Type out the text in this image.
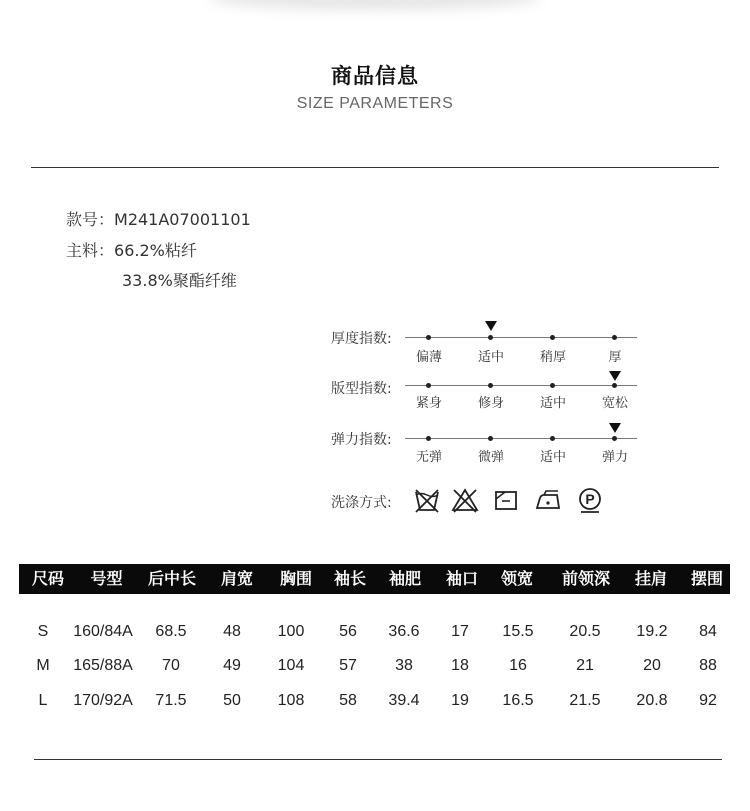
商品信息
SIZE PARAMETERS
款号：M241A07001101
主料：66.2%粘纤
33.8%聚酯纤维
厚度指数:
偏薄	适中	稍厚	厚
版型指数:
紧身	修身	适中	宽松
弹力指数:
无弹	微弹	适中	弹力
洗涤方式:	P
尺码	号型	后中长	肩宽	胸围	袖长	袖肥	袖口	领宽	前领深	挂肩	摆围
S	160/84A	68.5	48	100	56	36.6	17	15.5	20.5	19.2	84
M	165/88A	70	49	104	57	38	18	16	21	20	88
L	170/92A	71.5	50	108	58	39.4	19	16.5	21.5	20.8	92
